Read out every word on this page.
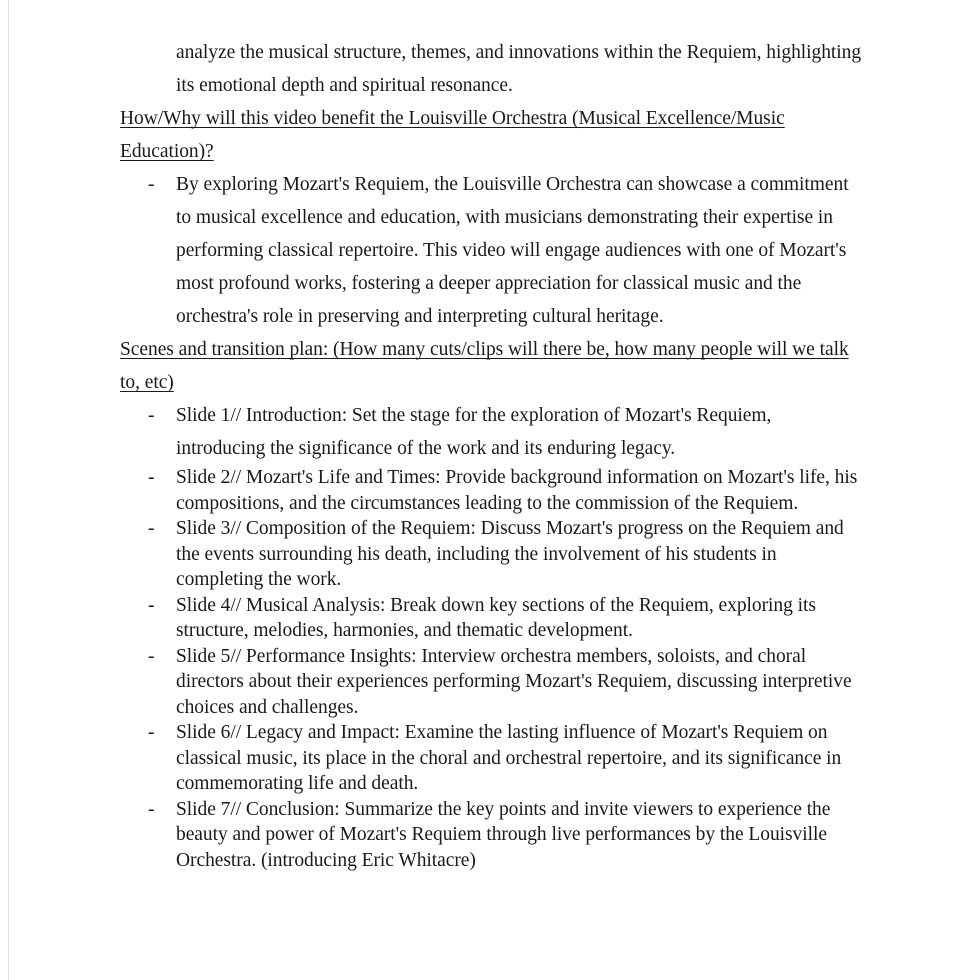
analyze the musical structure, themes, and innovations within the Requiem, highlighting its emotional depth and spiritual resonance.

How/Why will this video benefit the Louisville Orchestra (Musical Excellence/Music Education)?

- By exploring Mozart's Requiem, the Louisville Orchestra can showcase a commitment to musical excellence and education, with musicians demonstrating their expertise in performing classical repertoire. This video will engage audiences with one of Mozart's most profound works, fostering a deeper appreciation for classical music and the orchestra's role in preserving and interpreting cultural heritage.

Scenes and transition plan: (How many cuts/clips will there be, how many people will we talk to, etc)

- Slide 1// Introduction: Set the stage for the exploration of Mozart's Requiem, introducing the significance of the work and its enduring legacy.
- Slide 2// Mozart's Life and Times: Provide background information on Mozart's life, his compositions, and the circumstances leading to the commission of the Requiem.
- Slide 3// Composition of the Requiem: Discuss Mozart's progress on the Requiem and the events surrounding his death, including the involvement of his students in completing the work.
- Slide 4// Musical Analysis: Break down key sections of the Requiem, exploring its structure, melodies, harmonies, and thematic development.
- Slide 5// Performance Insights: Interview orchestra members, soloists, and choral directors about their experiences performing Mozart's Requiem, discussing interpretive choices and challenges.
- Slide 6// Legacy and Impact: Examine the lasting influence of Mozart's Requiem on classical music, its place in the choral and orchestral repertoire, and its significance in commemorating life and death.
- Slide 7// Conclusion: Summarize the key points and invite viewers to experience the beauty and power of Mozart's Requiem through live performances by the Louisville Orchestra. (introducing Eric Whitacre)
